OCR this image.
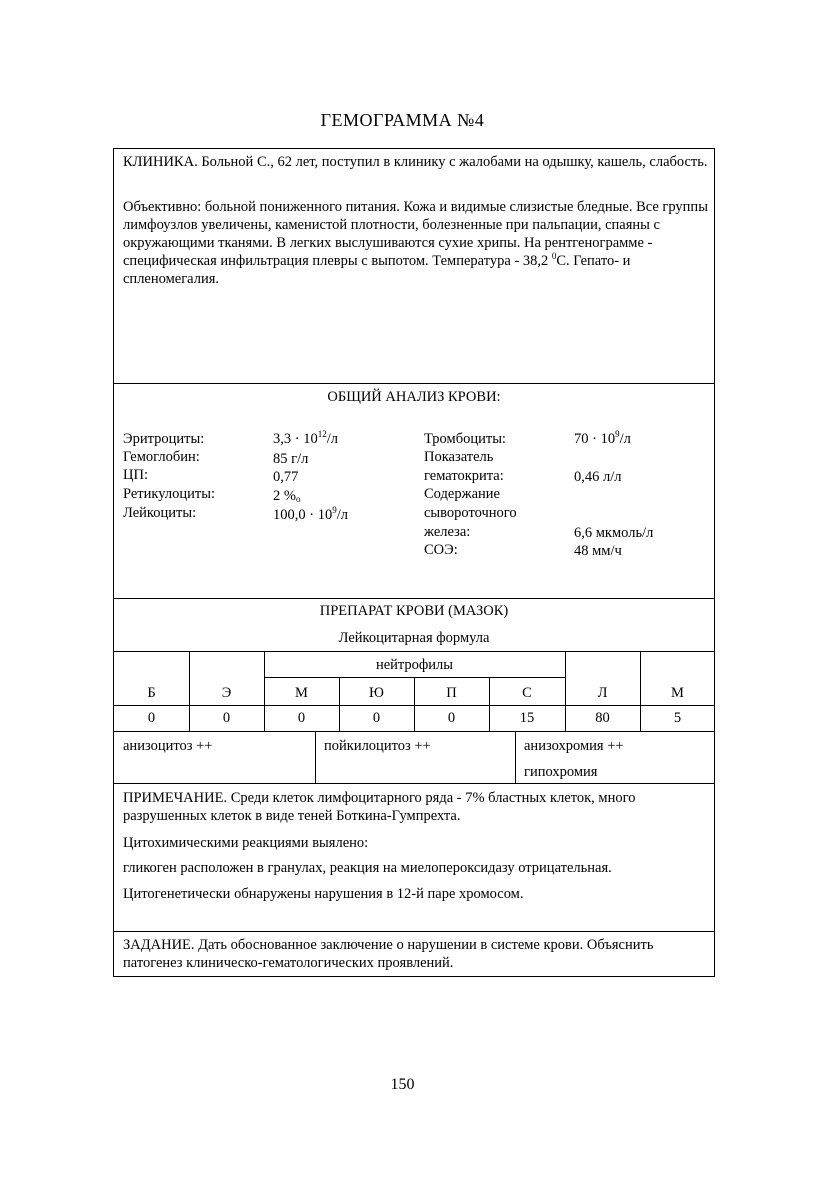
ГЕМОГРАММА №4
КЛИНИКА. Больной С., 62 лет, поступил в клинику с жалобами на одышку, кашель, слабость.
Объективно: больной пониженного питания. Кожа и видимые слизистые бледные. Все группы лимфоузлов увеличены, каменистой плотности, болезненные при пальпации, спаяны с окружающими тканями. В легких выслушиваются сухие хрипы. На рентгенограмме - специфическая инфильтрация плевры с выпотом. Температура - 38,2 $^0$С. Гепато- и спленомегалия.
ОБЩИЙ АНАЛИЗ КРОВИ:
Эритроциты:	$3,3 \cdot 10^{12}/л$
Гемоглобин:	85 г/л
ЦП:	0,77
Ретикулоциты:	2 $\%_о$
Лейкоциты:	$100,0 \cdot 10^9/л$
Тромбоциты:	$70 \cdot 10^9/л$
Показатель
гематокрита:	0,46 л/л
Содержание
сывороточного
железа:	6,6 мкмоль/л
СОЭ:	48 мм/ч
ПРЕПАРАТ КРОВИ (МАЗОК)
Лейкоцитарная формула
нейтрофилы
Б	Э	М	Ю	П	С	Л	М
0	0	0	0	0	15	80	5
анизоцитоз ++	пойкилоцитоз ++	анизохромия ++
гипохромия
ПРИМЕЧАНИЕ. Среди клеток лимфоцитарного ряда - 7% бластных клеток, много разрушенных клеток в виде теней Боткина-Гумпрехта.
Цитохимическими реакциями выялено:
гликоген расположен в гранулах, реакция на миелопероксидазу отрицательная.
Цитогенетически обнаружены нарушения в 12-й паре хромосом.
ЗАДАНИЕ. Дать обоснованное заключение о нарушении в системе крови. Объяснить патогенез клиническо-гематологических проявлений.
150
